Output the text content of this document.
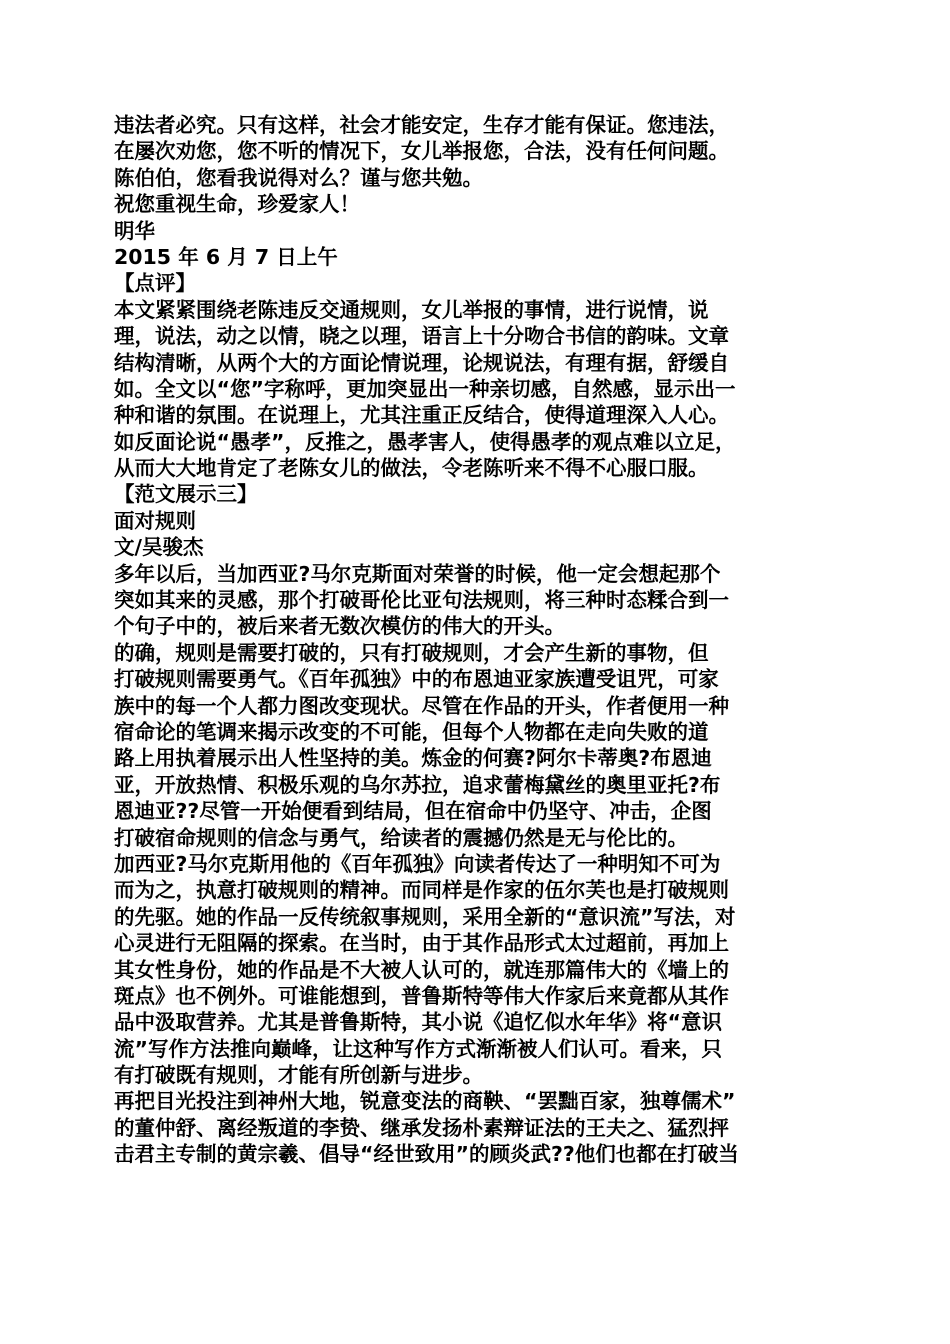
违法者必究。只有这样，社会才能安定，生存才能有保证。您违法，
在屡次劝您，您不听的情况下，女儿举报您，合法，没有任何问题。
陈伯伯，您看我说得对么？谨与您共勉。
祝您重视生命，珍爱家人！
明华
2015 年 6 月 7 日上午
【点评】
本文紧紧围绕老陈违反交通规则，女儿举报的事情，进行说情，说
理，说法，动之以情，晓之以理，语言上十分吻合书信的韵味。文章
结构清晰，从两个大的方面论情说理，论规说法，有理有据，舒缓自
如。全文以“您”字称呼，更加突显出一种亲切感，自然感，显示出一
种和谐的氛围。在说理上，尤其注重正反结合，使得道理深入人心。
如反面论说“愚孝”，反推之，愚孝害人，使得愚孝的观点难以立足，
从而大大地肯定了老陈女儿的做法，令老陈听来不得不心服口服。
【范文展示三】
面对规则
文/吴骏杰
多年以后，当加西亚?马尔克斯面对荣誉的时候，他一定会想起那个
突如其来的灵感，那个打破哥伦比亚句法规则，将三种时态糅合到一
个句子中的，被后来者无数次模仿的伟大的开头。
的确，规则是需要打破的，只有打破规则，才会产生新的事物，但
打破规则需要勇气。《百年孤独》中的布恩迪亚家族遭受诅咒，可家
族中的每一个人都力图改变现状。尽管在作品的开头，作者便用一种
宿命论的笔调来揭示改变的不可能，但每个人物都在走向失败的道
路上用执着展示出人性坚持的美。炼金的何赛?阿尔卡蒂奥?布恩迪
亚，开放热情、积极乐观的乌尔苏拉，追求蕾梅黛丝的奥里亚托?布
恩迪亚??尽管一开始便看到结局，但在宿命中仍坚守、冲击，企图
打破宿命规则的信念与勇气，给读者的震撼仍然是无与伦比的。
加西亚?马尔克斯用他的《百年孤独》向读者传达了一种明知不可为
而为之，执意打破规则的精神。而同样是作家的伍尔芙也是打破规则
的先驱。她的作品一反传统叙事规则，采用全新的“意识流”写法，对
心灵进行无阻隔的探索。在当时，由于其作品形式太过超前，再加上
其女性身份，她的作品是不大被人认可的，就连那篇伟大的《墙上的
斑点》也不例外。可谁能想到，普鲁斯特等伟大作家后来竟都从其作
品中汲取营养。尤其是普鲁斯特，其小说《追忆似水年华》将“意识
流”写作方法推向巅峰，让这种写作方式渐渐被人们认可。看来，只
有打破既有规则，才能有所创新与进步。
再把目光投注到神州大地，锐意变法的商鞅、“罢黜百家，独尊儒术”
的董仲舒、离经叛道的李贽、继承发扬朴素辩证法的王夫之、猛烈抨
击君主专制的黄宗羲、倡导“经世致用”的顾炎武??他们也都在打破当
